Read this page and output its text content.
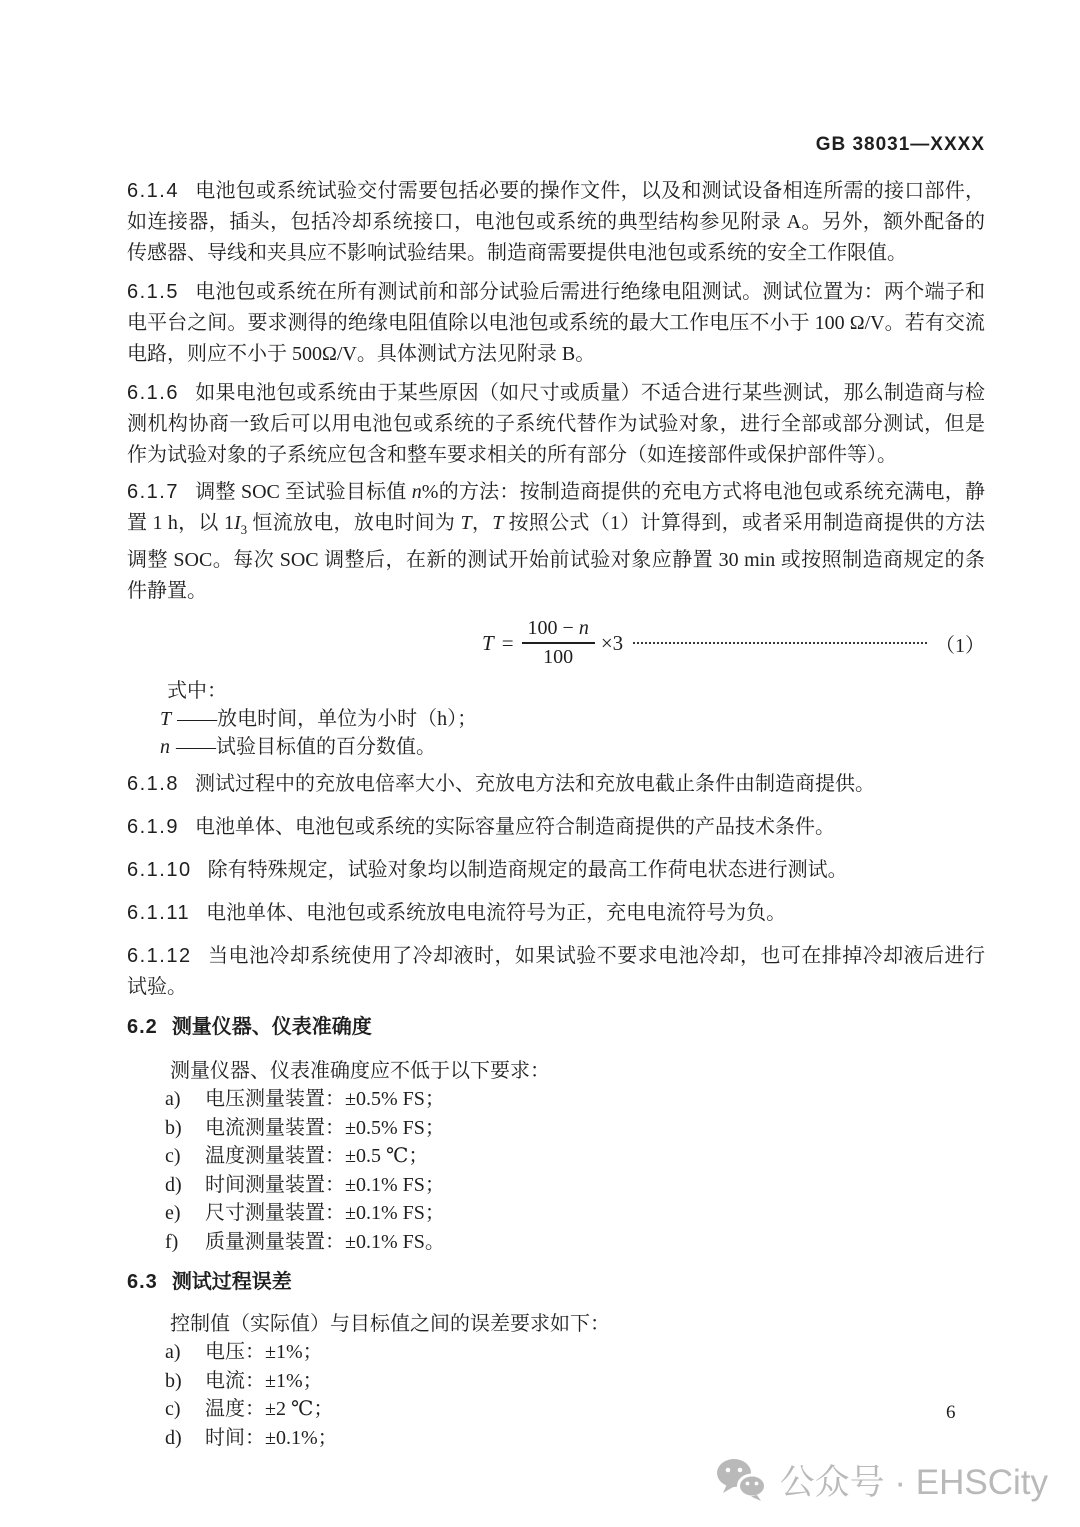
GB 38031—XXXX

6.1.4 电池包或系统试验交付需要包括必要的操作文件，以及和测试设备相连所需的接口部件，如连接器，插头，包括冷却系统接口，电池包或系统的典型结构参见附录 A。另外，额外配备的传感器、导线和夹具应不影响试验结果。制造商需要提供电池包或系统的安全工作限值。

6.1.5 电池包或系统在所有测试前和部分试验后需进行绝缘电阻测试。测试位置为：两个端子和电平台之间。要求测得的绝缘电阻值除以电池包或系统的最大工作电压不小于 100 Ω/V。若有交流电路，则应不小于 500Ω/V。具体测试方法见附录 B。

6.1.6 如果电池包或系统由于某些原因（如尺寸或质量）不适合进行某些测试，那么制造商与检测机构协商一致后可以用电池包或系统的子系统代替作为试验对象，进行全部或部分测试，但是作为试验对象的子系统应包含和整车要求相关的所有部分（如连接部件或保护部件等）。

6.1.7 调整 SOC 至试验目标值 n%的方法：按制造商提供的充电方式将电池包或系统充满电，静置 1 h，以 $1I_3$ 恒流放电，放电时间为 T，T 按照公式（1）计算得到，或者采用制造商提供的方法调整 SOC。每次 SOC 调整后，在新的测试开始前试验对象应静置 30 min 或按照制造商规定的条件静置。

$T = \frac{100 - n}{100} \times 3$	（1）
式中：
T ——放电时间，单位为小时（h）；
n ——试验目标值的百分数值。

6.1.8 测试过程中的充放电倍率大小、充放电方法和充放电截止条件由制造商提供。

6.1.9 电池单体、电池包或系统的实际容量应符合制造商提供的产品技术条件。

6.1.10 除有特殊规定，试验对象均以制造商规定的最高工作荷电状态进行测试。

6.1.11 电池单体、电池包或系统放电电流符号为正，充电电流符号为负。

6.1.12 当电池冷却系统使用了冷却液时，如果试验不要求电池冷却，也可在排掉冷却液后进行试验。

6.2 测量仪器、仪表准确度
测量仪器、仪表准确度应不低于以下要求：
a) 电压测量装置：±0.5% FS；
b) 电流测量装置：±0.5% FS；
c) 温度测量装置：±0.5 ℃；
d) 时间测量装置：±0.1% FS；
e) 尺寸测量装置：±0.1% FS；
f) 质量测量装置：±0.1% FS。
6.3 测试过程误差
控制值（实际值）与目标值之间的误差要求如下：
a) 电压：±1%；
b) 电流：±1%；
c) 温度：±2 ℃；
d) 时间：±0.1%；
6
公众号 · EHSCity
